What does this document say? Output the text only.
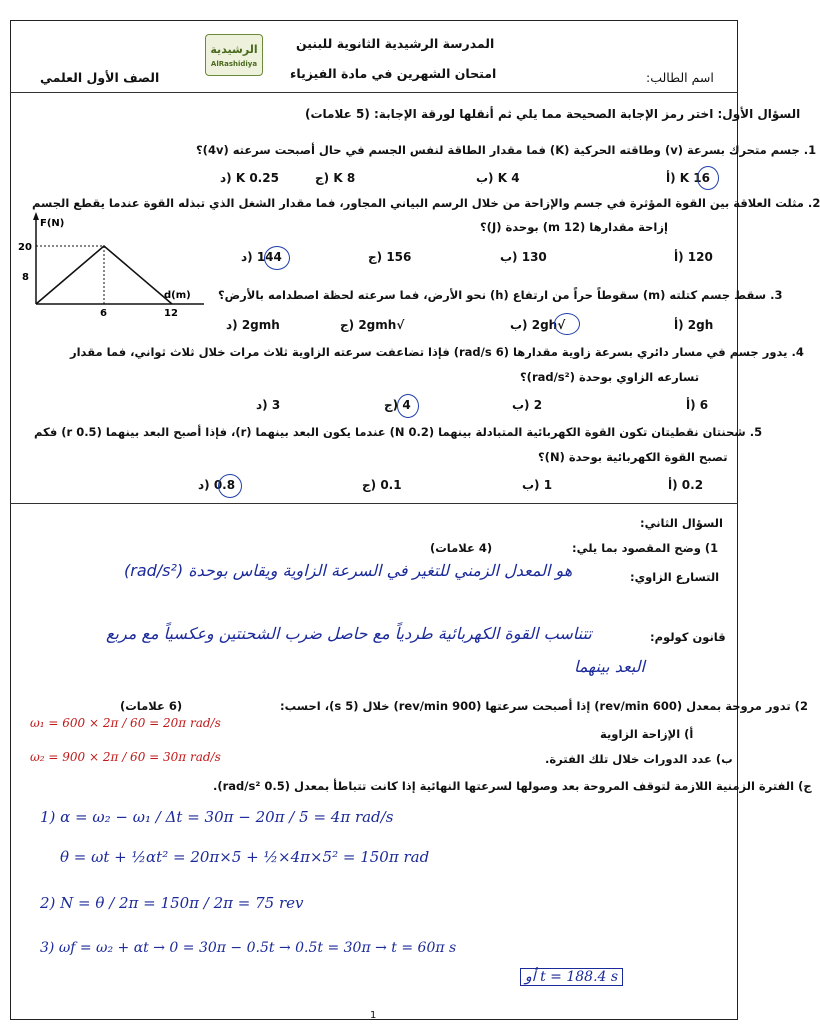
المدرسة الرشيدية الثانوية للبنين
امتحان الشهرين في مادة الفيزياء	اسم الطالب:
الصف الأول العلمي
الرشيدية
AlRashidiya
السؤال الأول: اختر رمز الإجابة الصحيحة مما يلي ثم أنقلها لورقة الإجابة: (5 علامات)
1. جسم متحرك بسرعة (v) وطاقته الحركية (K) فما مقدار الطاقة لنفس الجسم في حال أصبحت سرعته (4v)؟
16 K (أ
4 K (ب
8 K (ج
0.25 K (د
2. مثلت العلاقة بين القوة المؤثرة في جسم والإزاحة من خلال الرسم البياني المجاور، فما مقدار الشغل الذي تبذله القوة عندما يقطع الجسم
إزاحة مقدارها (12 m) بوحدة (J)؟
120 (أ
130 (ب
156 (ج
144 (د
F(N)
d(m)
20
8
6	12
3. سقط جسم كتلته (m) سقوطاً حراً من ارتفاع (h) نحو الأرض، فما سرعته لحظة اصطدامه بالأرض؟
2gh (أ
√2gh (ب
√2gmh (ج
2gmh (د
4. يدور جسم في مسار دائري بسرعة زاوية مقدارها (6 rad/s) فإذا تضاعفت سرعته الزاوية ثلاث مرات خلال ثلاث ثواني، فما مقدار
تسارعه الزاوي بوحدة (rad/s²)؟
6 (أ
2 (ب
4 (ج
3 (د
5. شحنتان نقطيتان تكون القوة الكهربائية المتبادلة بينهما (0.2 N) عندما يكون البعد بينهما (r)، فإذا أصبح البعد بينهما (0.5 r) فكم
تصبح القوة الكهربائية بوحدة (N)؟
0.2 (أ
1 (ب
0.1 (ج
0.8 (د
السؤال الثاني:
1) وضح المقصود بما يلي:
(4 علامات)
التسارع الزاوي:
هو المعدل الزمني للتغير في السرعة الزاوية ويقاس بوحدة (rad/s²)
قانون كولوم:
تتناسب القوة الكهربائية طردياً مع حاصل ضرب الشحنتين وعكسياً مع مربع
البعد بينهما
2) تدور مروحة بمعدل (600 rev/min) إذا أصبحت سرعتها (900 rev/min) خلال (5 s)، احسب:
(6 علامات)
أ) الإزاحة الزاوية
ب) عدد الدورات خلال تلك الفترة.
ج) الفترة الزمنية اللازمة لتوقف المروحة بعد وصولها لسرعتها النهائية إذا كانت تتباطأ بمعدل (0.5 rad/s²).
ω₁ = 600 × 2π / 60 = 20π rad/s
ω₂ = 900 × 2π / 60 = 30π rad/s
1) α = ω₂ − ω₁ / Δt = 30π − 20π / 5 = 4π rad/s
θ = ωt + ½αt² = 20π×5 + ½×4π×5² = 150π rad
2) N = θ / 2π = 150π / 2π = 75 rev
3) ωf = ω₂ + αt → 0 = 30π − 0.5t → 0.5t = 30π → t = 60π s
أو t = 188.4 s
1
